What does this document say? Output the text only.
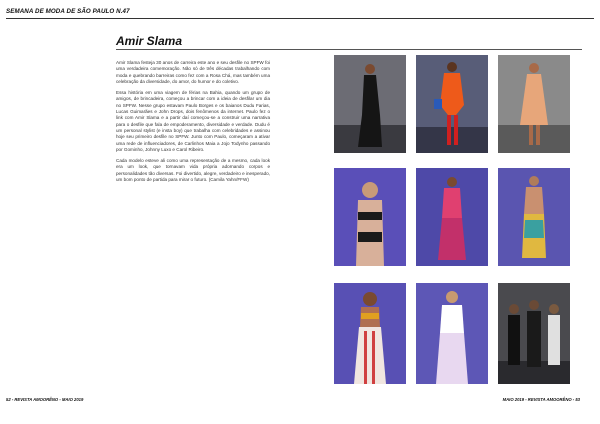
SEMANA DE MODA DE SÃO PAULO N.47
Amir Slama

Amir Slama festeja 30 anos de carreira este ano e seu desfile no SPFW foi uma verdadeira comemoração. Não só de três décadas trabalhando com moda e quebrando barreiras como fez com a Rosa Chá, mas também uma celebração da diversidade, do amor, do humor e do coletivo.

Essa história em uma viagem de férias na Bahia, quando um grupo de amigos, de brincadeira, começou a brincar com a ideia de desfilar um dia no SPFW. Nesse grupo estavam Paulo Borges e os baianos Dudu Farias, Lucas Guimarães e John Drops, dois fenômenos da internet. Paulo fez o link com Amir Slama e a partir daí começou-se a construir uma narrativa para o desfile que fala de empoderamento, diversidade e verdade. Dudu é um personal stylist (e insta boy) que trabalha com celebridades e assinou hoje seu primeiro desfile no SPFW. Junto com Paulo, começaram a ativar uma rede de influenciadores, de Carlinhos Maia a Jojo Todynho passando por Gominho, Johnny Luxo e Carol Ribeiro.

Cada modelo esteve ali como uma representação de a mesmo, cada look era um look, que tornavam vida própria adornando corpos e personalidades tão diversas. Foi divertido, alegre, verdadeiro e inesperado, um bom ponto de partida para mirar o futuro. (Camila Yahn/FFW)

52 - REVISTA AMOORÊNO - MAIO 2019	MAIO 2019 - REVISTA AMOORÊNO - 53
